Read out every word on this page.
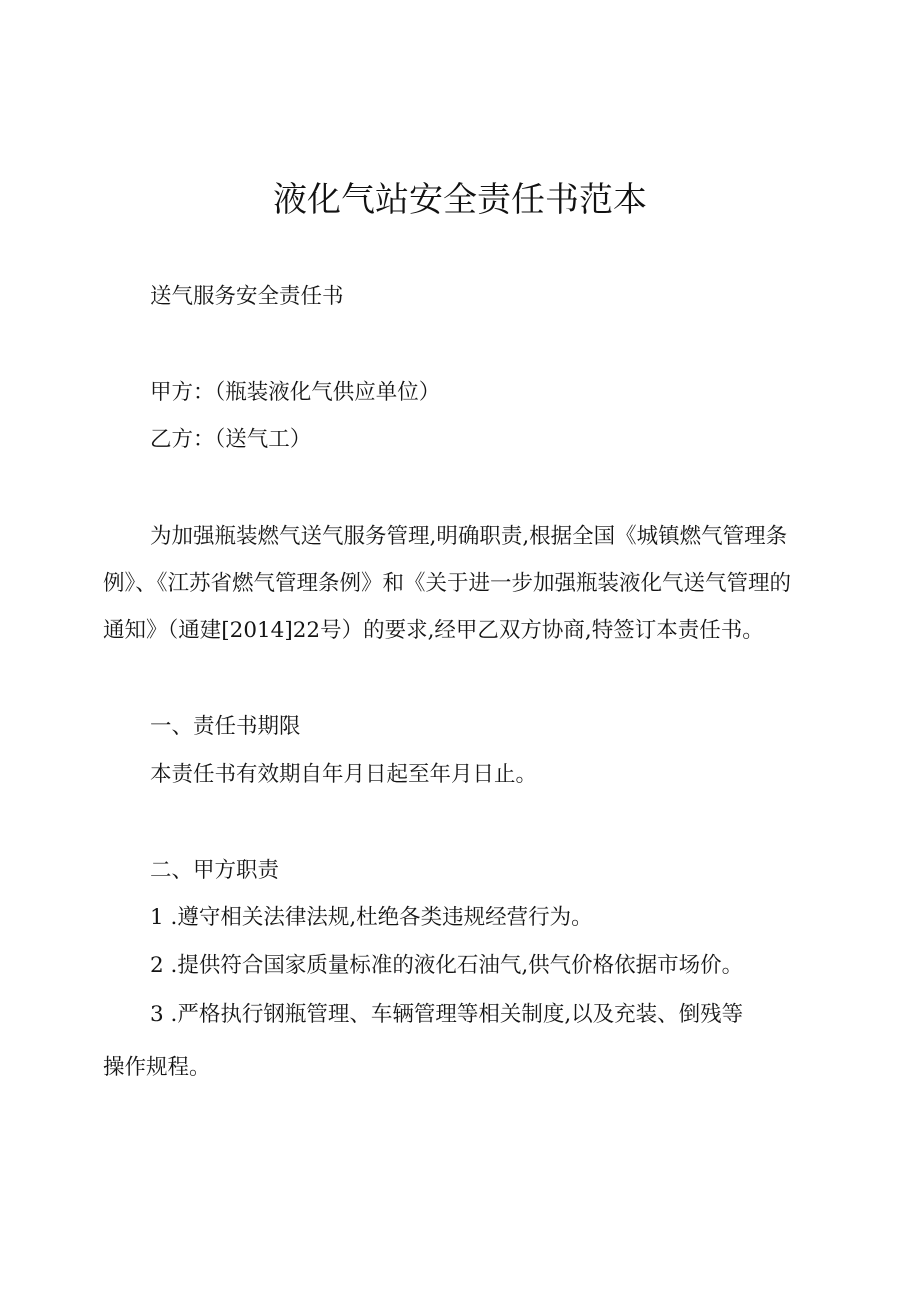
液化气站安全责任书范本
送气服务安全责任书
甲方：（瓶装液化气供应单位）
乙方：（送气工）
为加强瓶装燃气送气服务管理,明确职责,根据全国《城镇燃气管理条
例》、《江苏省燃气管理条例》和《关于进一步加强瓶装液化气送气管理的
通知》（通建[2014]22号）的要求,经甲乙双方协商,特签订本责任书。
一、责任书期限
本责任书有效期自年月日起至年月日止。
二、甲方职责
1 .遵守相关法律法规,杜绝各类违规经营行为。
2 .提供符合国家质量标准的液化石油气,供气价格依据市场价。
3 .严格执行钢瓶管理、车辆管理等相关制度,以及充装、倒残等
操作规程。
